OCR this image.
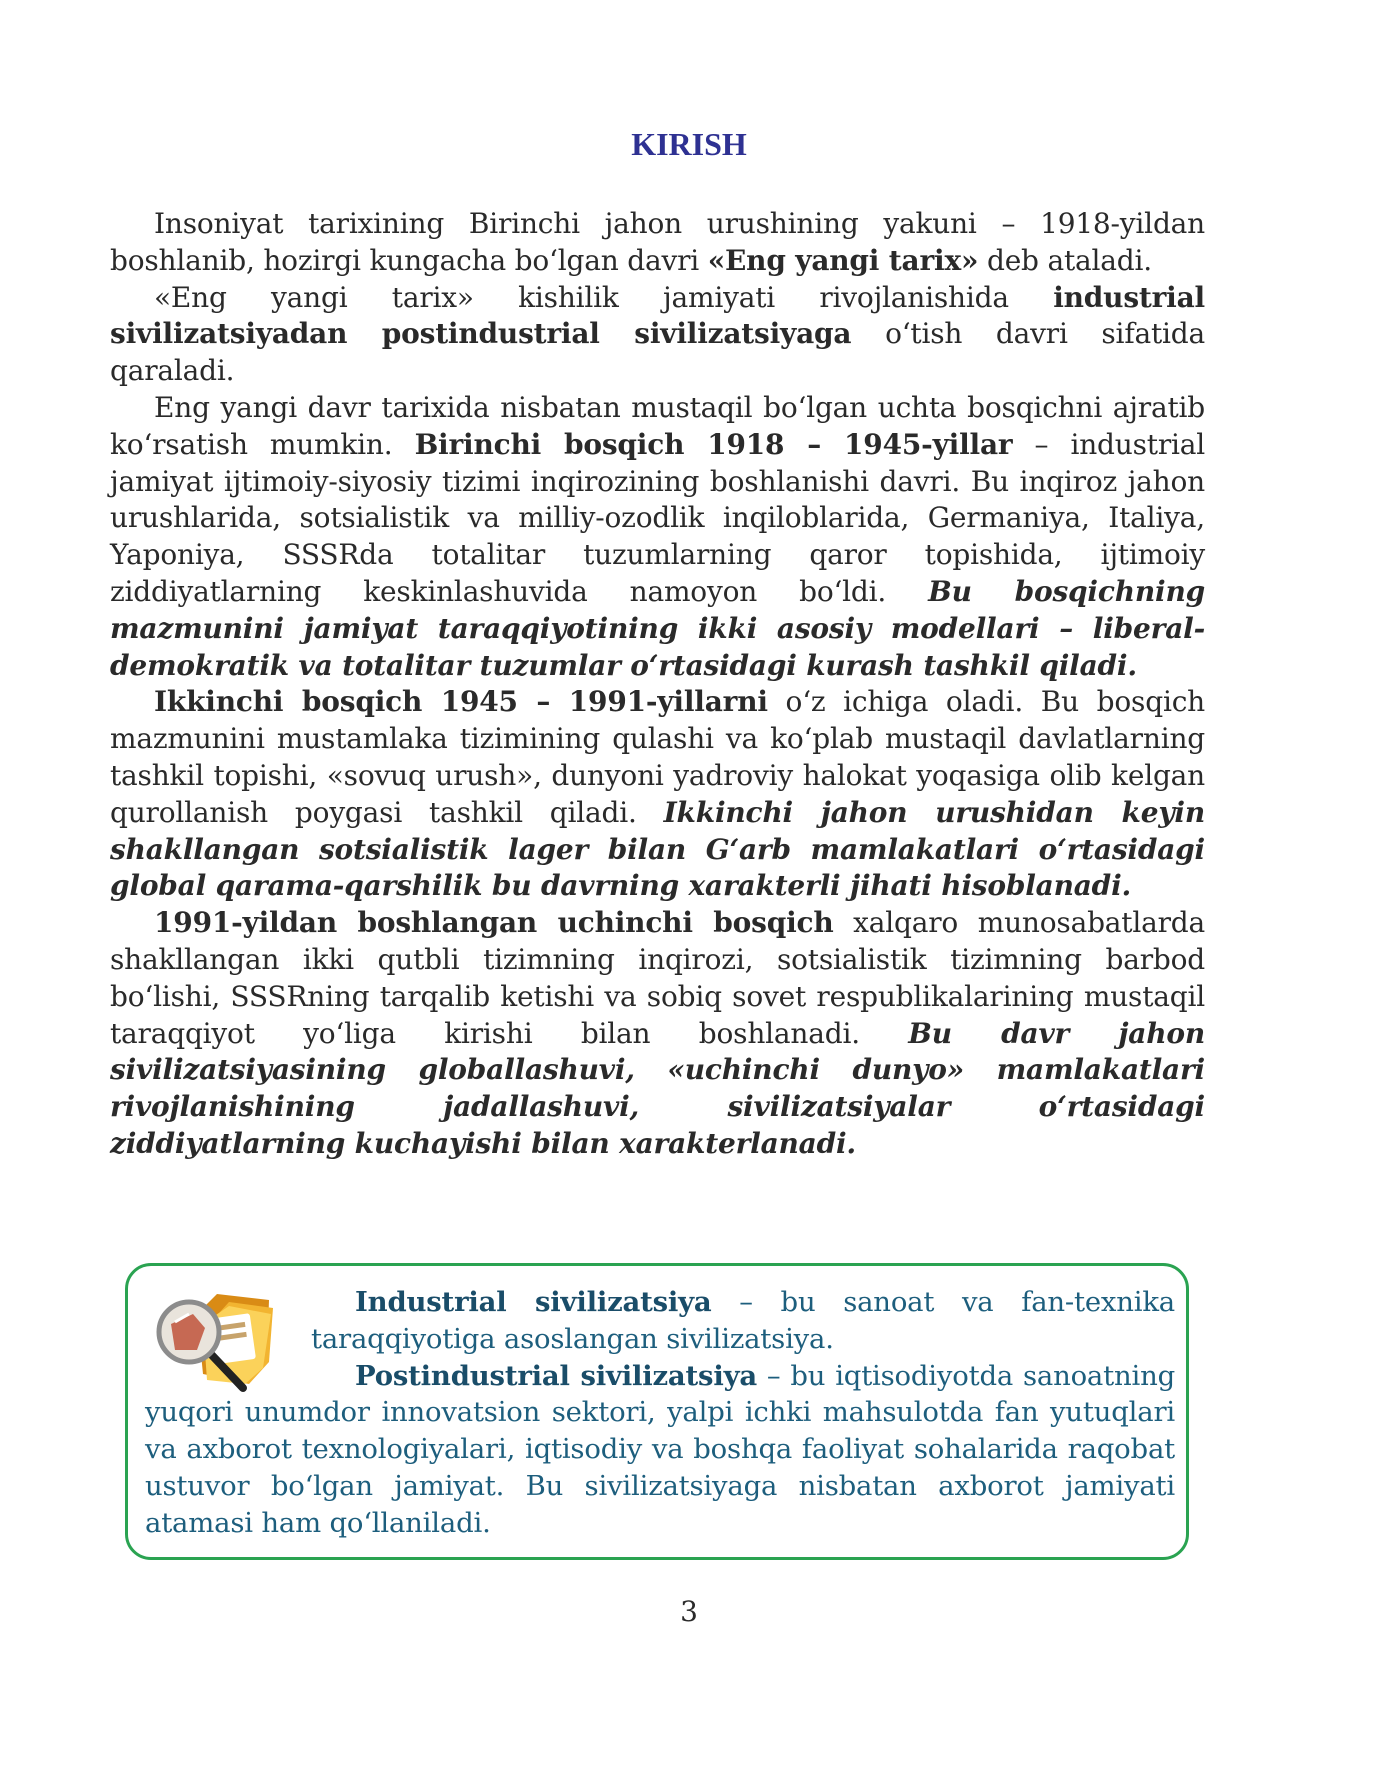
KIRISH

Insoniyat tarixining Birinchi jahon urushining yakuni – 1918-yildan boshlanib, hozirgi kungacha bo‘lgan davri «Eng yangi tarix» deb ataladi.

«Eng yangi tarix» kishilik jamiyati rivojlanishida industrial sivilizatsiyadan postindustrial sivilizatsiyaga o‘tish davri sifatida qaraladi.

Eng yangi davr tarixida nisbatan mustaqil bo‘lgan uchta bosqichni ajratib ko‘rsatish mumkin. Birinchi bosqich 1918 – 1945-yillar – industrial jamiyat ijtimoiy-siyosiy tizimi inqirozining boshlanishi davri. Bu inqiroz jahon urushlarida, sotsialistik va milliy-ozodlik inqiloblarida, Germaniya, Italiya, Yaponiya, SSSRda totalitar tuzumlarning qaror topishida, ijtimoiy ziddiyatlarning keskinlashuvida namoyon bo‘ldi. Bu bosqichning mazmunini jamiyat taraqqiyotining ikki asosiy modellari – liberal-demokratik va totalitar tuzumlar o‘rtasidagi kurash tashkil qiladi.

Ikkinchi bosqich 1945 – 1991-yillarni o‘z ichiga oladi. Bu bosqich mazmunini mustamlaka tizimining qulashi va ko‘plab mustaqil davlatlarning tashkil topishi, «sovuq urush», dunyoni yadroviy halokat yoqasiga olib kelgan qurollanish poygasi tashkil qiladi. Ikkinchi jahon urushidan keyin shakllangan sotsialistik lager bilan G‘arb mamlakatlari o‘rtasidagi global qarama-qarshilik bu davrning xarakterli jihati hisoblanadi.

1991-yildan boshlangan uchinchi bosqich xalqaro munosabatlarda shakllangan ikki qutbli tizimning inqirozi, sotsialistik tizimning barbod bo‘lishi, SSSRning tarqalib ketishi va sobiq sovet respublikalarining mustaqil taraqqiyot yo‘liga kirishi bilan boshlanadi. Bu davr jahon sivilizatsiyasining globallashuvi, «uchinchi dunyo» mamlakatlari rivojlanishining jadallashuvi, sivilizatsiyalar o‘rtasidagi ziddiyatlarning kuchayishi bilan xarakterlanadi.

Industrial sivilizatsiya – bu sanoat va fan-texnika taraqqiyotiga asoslangan sivilizatsiya.

Postindustrial sivilizatsiya – bu iqtisodiyotda sanoatning yuqori unumdor innovatsion sektori, yalpi ichki mahsulotda fan yutuqlari va axborot texnologiyalari, iqtisodiy va boshqa faoliyat sohalarida raqobat ustuvor bo‘lgan jamiyat. Bu sivilizatsiyaga nisbatan axborot jamiyati atamasi ham qo‘llaniladi.

3
